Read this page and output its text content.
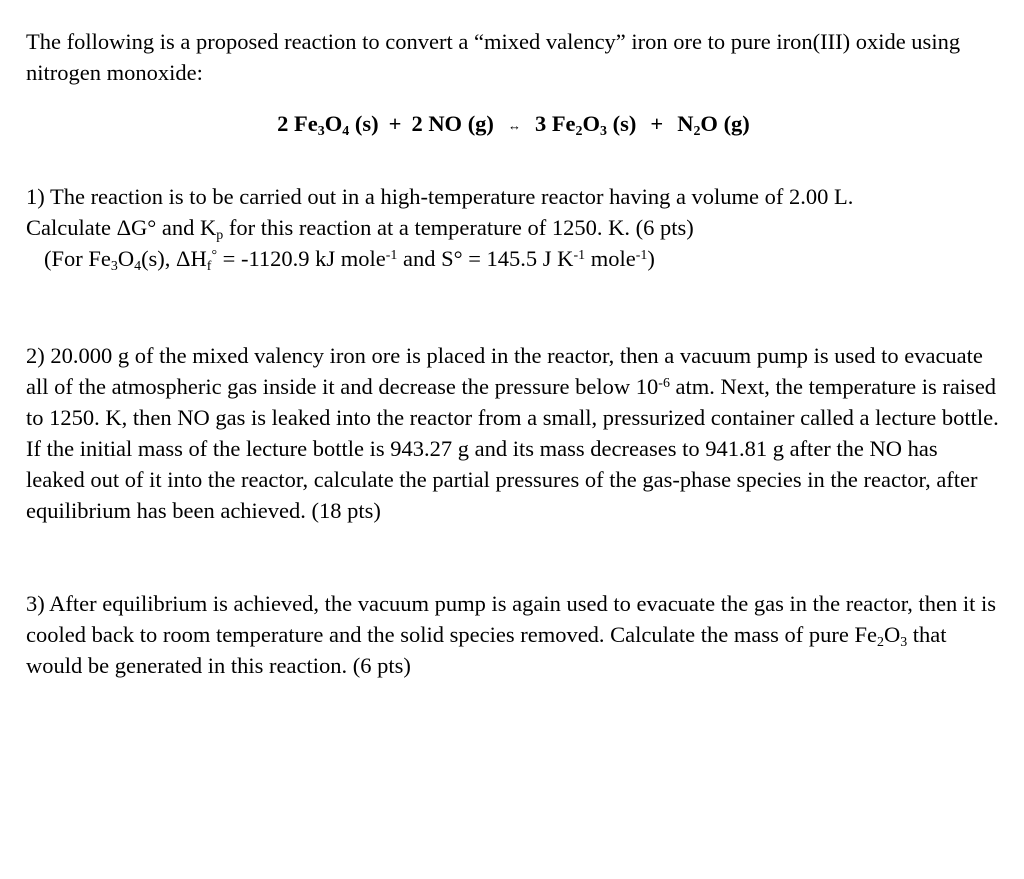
The following is a proposed reaction to convert a “mixed valency” iron ore to pure iron(III) oxide using nitrogen monoxide:

2 $Fe_3O_4$ (s) + 2 NO (g) ↔ 3 $Fe_2O_3$ $(s) + N_2O$ (g)

1) The reaction is to be carried out in a high-temperature reactor having a volume of 2.00 L.
Calculate ΔG° and $K_p$ for this reaction at a temperature of 1250. K. (6 pts)
(For $Fe_3O_4(s)$, $\Delta H_f^\circ = -1120.9$ kJ mole$^{-1}$ and S° = 145.5 J $K^{-1}$ mole$^{-1}$)

2) 20.000 g of the mixed valency iron ore is placed in the reactor, then a vacuum pump is used to evacuate all of the atmospheric gas inside it and decrease the pressure below $10^{-6}$ atm. Next, the temperature is raised to 1250. K, then NO gas is leaked into the reactor from a small, pressurized container called a lecture bottle. If the initial mass of the lecture bottle is 943.27 g and its mass decreases to 941.81 g after the NO has leaked out of it into the reactor, calculate the partial pressures of the gas-phase species in the reactor, after equilibrium has been achieved. (18 pts)

3) After equilibrium is achieved, the vacuum pump is again used to evacuate the gas in the reactor, then it is cooled back to room temperature and the solid species removed. Calculate the mass of pure $Fe_2O_3$ that would be generated in this reaction. (6 pts)
